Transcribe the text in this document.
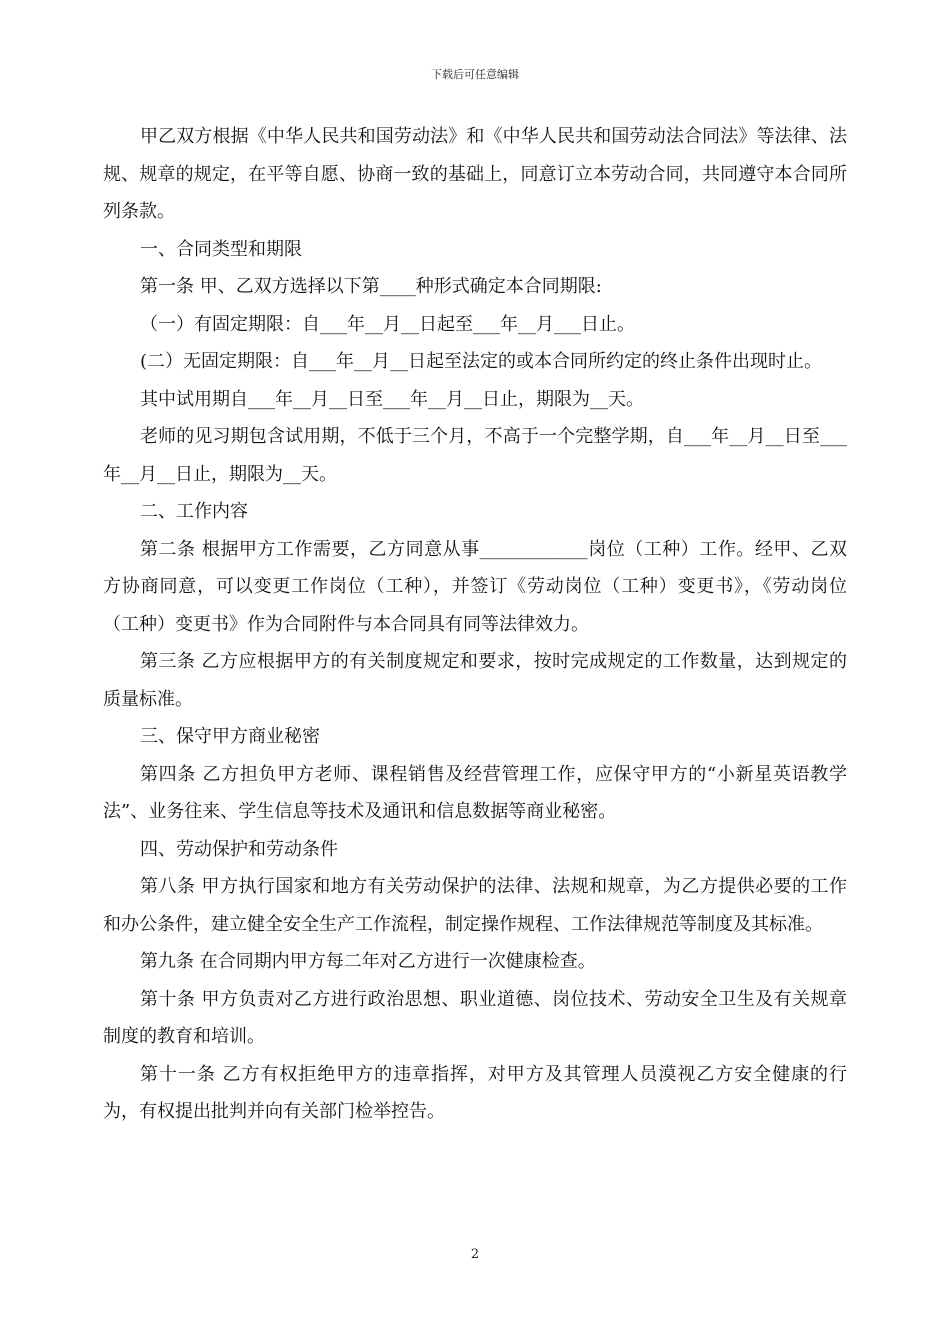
下载后可任意编辑

甲乙双方根据《中华人民共和国劳动法》和《中华人民共和国劳动法合同法》等法律、法规、规章的规定，在平等自愿、协商一致的基础上，同意订立本劳动合同，共同遵守本合同所列条款。

一、合同类型和期限

第一条 甲、乙双方选择以下第____种形式确定本合同期限:

（一）有固定期限：自___年__月__日起至___年__月___日止。

(二）无固定期限：自___年__月__日起至法定的或本合同所约定的终止条件出现时止。

其中试用期自___年__月__日至___年__月__日止，期限为__天。

老师的见习期包含试用期，不低于三个月，不高于一个完整学期，自___年__月__日至___年__月__日止，期限为__天。

二、工作内容

第二条 根据甲方工作需要，乙方同意从事____________岗位（工种）工作。经甲、乙双方协商同意，可以变更工作岗位（工种），并签订《劳动岗位（工种）变更书》，《劳动岗位（工种）变更书》作为合同附件与本合同具有同等法律效力。

第三条 乙方应根据甲方的有关制度规定和要求，按时完成规定的工作数量，达到规定的质量标准。

三、保守甲方商业秘密

第四条 乙方担负甲方老师、课程销售及经营管理工作，应保守甲方的“小新星英语教学法”、业务往来、学生信息等技术及通讯和信息数据等商业秘密。

四、劳动保护和劳动条件

第八条 甲方执行国家和地方有关劳动保护的法律、法规和规章，为乙方提供必要的工作和办公条件，建立健全安全生产工作流程，制定操作规程、工作法律规范等制度及其标准。

第九条 在合同期内甲方每二年对乙方进行一次健康检查。

第十条 甲方负责对乙方进行政治思想、职业道德、岗位技术、劳动安全卫生及有关规章制度的教育和培训。

第十一条 乙方有权拒绝甲方的违章指挥，对甲方及其管理人员漠视乙方安全健康的行为，有权提出批判并向有关部门检举控告。

2
